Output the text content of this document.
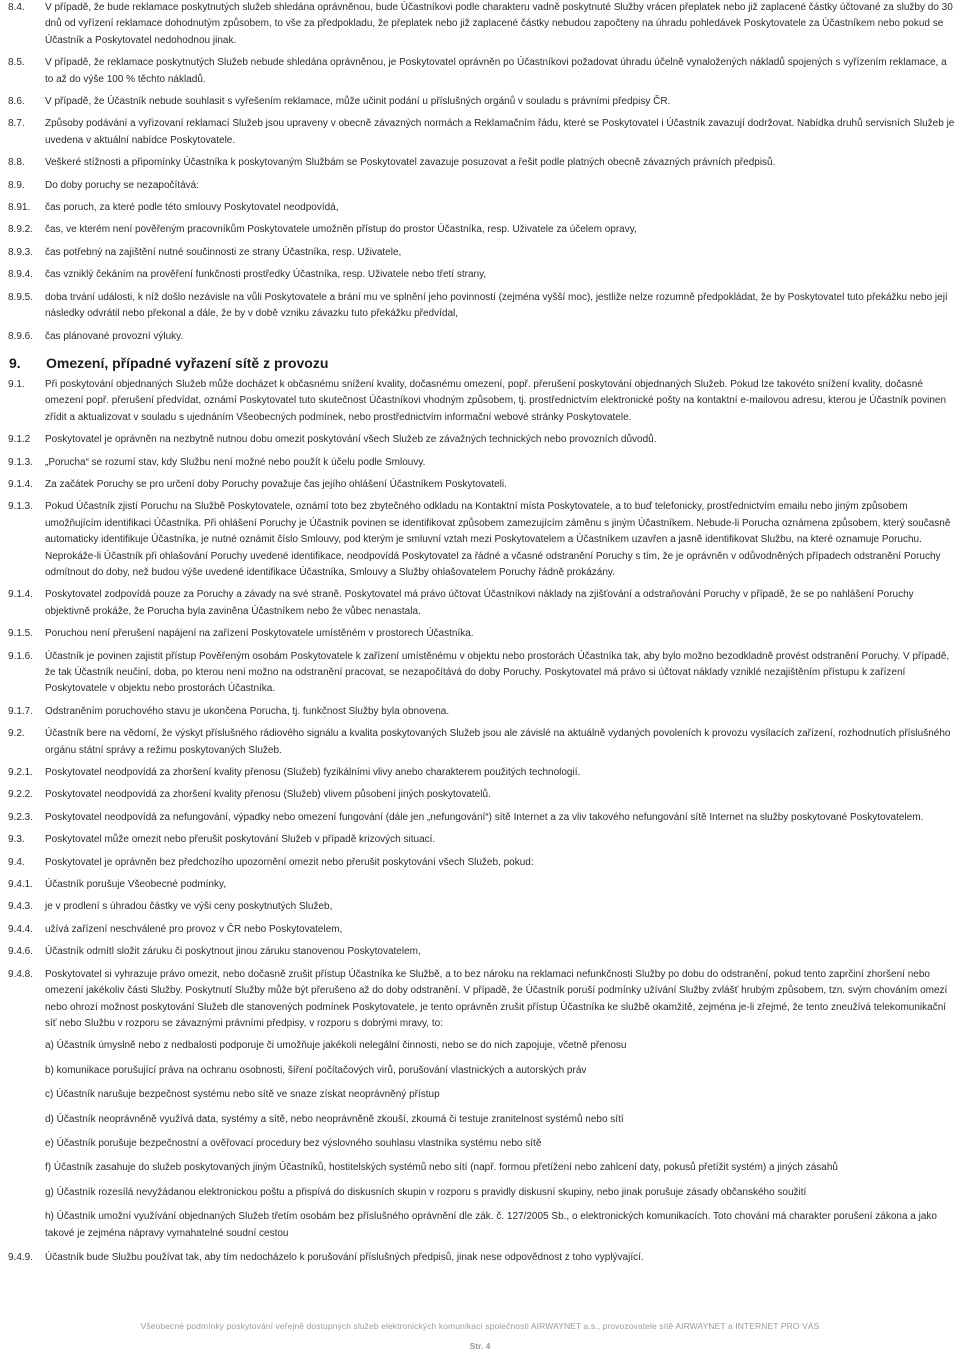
8.4.	V případě, že bude reklamace poskytnutých služeb shledána oprávněnou, bude Účastníkovi podle charakteru vadně poskytnuté Služby vrácen přeplatek nebo již zaplacené částky účtované za služby do 30 dnů od vyřízení reklamace dohodnutým způsobem, to vše za předpokladu, že přeplatek nebo již zaplacené částky nebudou započteny na úhradu pohledávek Poskytovatele za Účastníkem nebo pokud se Účastník a Poskytovatel nedohodnou jinak.
8.5.	V případě, že reklamace poskytnutých Služeb nebude shledána oprávněnou, je Poskytovatel oprávněn po Účastníkovi požadovat úhradu účelně vynaložených nákladů spojených s vyřízením reklamace, a to až do výše 100 % těchto nákladů.
8.6.	V případě, že Účastník nebude souhlasit s vyřešením reklamace, může učinit podání u příslušných orgánů v souladu s právními předpisy ČR.
8.7.	Způsoby podávání a vyřizovaní reklamací Služeb jsou upraveny v obecně závazných normách a Reklamačním řádu, které se Poskytovatel i Účastník zavazují dodržovat. Nabídka druhů servisních Služeb je uvedena v aktuální nabídce Poskytovatele.
8.8.	Veškeré stížnosti a připomínky Účastníka k poskytovaným Službám se Poskytovatel zavazuje posuzovat a řešit podle platných obecně závazných právních předpisů.
8.9.	Do doby poruchy se nezapočítává:
8.91.	čas poruch, za které podle této smlouvy Poskytovatel neodpovídá,
8.9.2.	čas, ve kterém není pověřeným pracovníkům Poskytovatele umožněn přístup do prostor Účastníka, resp. Uživatele za účelem opravy,
8.9.3.	čas potřebný na zajištění nutné součinnosti ze strany Účastníka, resp. Uživatele,
8.9.4.	čas vzniklý čekáním na prověření funkčnosti prostředky Účastníka, resp. Uživatele nebo třetí strany,
8.9.5.	doba trvání události, k níž došlo nezávisle na vůli Poskytovatele a brání mu ve splnění jeho povinností (zejména vyšší moc), jestliže nelze rozumně předpokládat, že by Poskytovatel tuto překážku nebo její následky odvrátil nebo překonal a dále, že by v době vzniku závazku tuto překážku předvídal,
8.9.6.	čas plánované provozní výluky.
9.	Omezení, případné vyřazení sítě z provozu
9.1.	Při poskytování objednaných Služeb může docházet k občasnému snížení kvality, dočasnému omezení, popř. přerušení poskytování objednaných Služeb. Pokud lze takovéto snížení kvality, dočasné omezení popř. přerušení předvídat, oznámí Poskytovatel tuto skutečnost Účastníkovi vhodným způsobem, tj. prostřednictvím elektronické pošty na kontaktní e-mailovou adresu, kterou je Účastník povinen zřídit a aktualizovat v souladu s ujednáním Všeobecných podmínek, nebo prostřednictvím informační webové stránky Poskytovatele.
9.1.2	Poskytovatel je oprávněn na nezbytně nutnou dobu omezit poskytování všech Služeb ze závažných technických nebo provozních důvodů.
9.1.3.	„Porucha“ se rozumí stav, kdy Službu není možné nebo použít k účelu podle Smlouvy.
9.1.4.	Za začátek Poruchy se pro určení doby Poruchy považuje čas jejího ohlášení Účastníkem Poskytovateli.
9.1.3.	Pokud Účastník zjistí Poruchu na Službě Poskytovatele, oznámí toto bez zbytečného odkladu na Kontaktní místa Poskytovatele, a to buď telefonicky, prostřednictvím emailu nebo jiným způsobem umožňujícím identifikaci Účastníka. Při ohlášení Poruchy je Účastník povinen se identifikovat způsobem zamezujícím záměnu s jiným Účastníkem. Nebude-li Porucha oznámena způsobem, který současně automaticky identifikuje Účastníka, je nutné oznámit číslo Smlouvy, pod kterým je smluvní vztah mezi Poskytovatelem a Účastníkem uzavřen a jasně identifikovat Službu, na které oznamuje Poruchu. Neprokáže-li Účastník při ohlašování Poruchy uvedené identifikace, neodpovídá Poskytovatel za řádné a včasné odstranění Poruchy s tím, že je oprávněn v odůvodněných případech odstranění Poruchy odmítnout do doby, než budou výše uvedené identifikace Účastníka, Smlouvy a Služby ohlašovatelem Poruchy řádně prokázány.
9.1.4.	Poskytovatel zodpovídá pouze za Poruchy a závady na své straně. Poskytovatel má právo účtovat Účastníkovi náklady na zjišťování a odstraňování Poruchy v případě, že se po nahlášení Poruchy objektivně prokáže, že Porucha byla zaviněna Účastníkem nebo že vůbec nenastala.
9.1.5.	Poruchou není přerušení napájení na zařízení Poskytovatele umístěném v prostorech Účastníka.
9.1.6.	Účastník je povinen zajistit přístup Pověřeným osobám Poskytovatele k zařízení umístěnému v objektu nebo prostorách Účastníka tak, aby bylo možno bezodkladně provést odstranění Poruchy. V případě, že tak Účastník neučiní, doba, po kterou není možno na odstranění pracovat, se nezapočítává do doby Poruchy. Poskytovatel má právo si účtovat náklady vzniklé nezajištěním přístupu k zařízení Poskytovatele v objektu nebo prostorách Účastníka.
9.1.7.	Odstraněním poruchového stavu je ukončena Porucha, tj. funkčnost Služby byla obnovena.
9.2.	Účastník bere na vědomí, že výskyt příslušného rádiového signálu a kvalita poskytovaných Služeb jsou ale závislé na aktuálně vydaných povoleních k provozu vysílacích zařízení, rozhodnutích příslušného orgánu státní správy a režimu poskytovaných Služeb.
9.2.1.	Poskytovatel neodpovídá za zhoršení kvality přenosu (Služeb) fyzikálními vlivy anebo charakterem použitých technologií.
9.2.2.	Poskytovatel neodpovídá za zhoršení kvality přenosu (Služeb) vlivem působení jiných poskytovatelů.
9.2.3.	Poskytovatel neodpovídá za nefungování, výpadky nebo omezení fungování (dále jen „nefungování“) sítě Internet a za vliv takového nefungování sítě Internet na služby poskytované Poskytovatelem.
9.3.	Poskytovatel může omezit nebo přerušit poskytování Služeb v případě krizových situací.
9.4.	Poskytovatel je oprávněn bez předchozího upozornění omezit nebo přerušit poskytování všech Služeb, pokud:
9.4.1.	Účastník porušuje Všeobecné podmínky,
9.4.3.	je v prodlení s úhradou částky ve výši ceny poskytnutých Služeb,
9.4.4.	užívá zařízení neschválené pro provoz v ČR nebo Poskytovatelem,
9.4.6.	Účastník odmítl složit záruku či poskytnout jinou záruku stanovenou Poskytovatelem,
9.4.8.	Poskytovatel si vyhrazuje právo omezit, nebo dočasně zrušit přístup Účastníka ke Službě, a to bez nároku na reklamaci nefunkčnosti Služby po dobu do odstranění, pokud tento zaprčiní zhoršení nebo omezení jakékoliv části Služby. Poskytnutí Služby může být přerušeno až do doby odstranění. V případě, že Účastník poruší podmínky užívání Služby zvlášť hrubým způsobem, tzn. svým chováním omezí nebo ohrozí možnost poskytování Služeb dle stanovených podmínek Poskytovatele, je tento oprávněn zrušit přístup Účastníka ke službě okamžitě, zejména je-li zřejmé, že tento zneužívá telekomunikační síť nebo Službu v rozporu se závaznými právními předpisy, v rozporu s dobrými mravy, to:
a) Účastník úmyslně nebo z nedbalosti podporuje či umožňuje jakékoli nelegální činnosti, nebo se do nich zapojuje, včetně přenosu
b) komunikace porušující práva na ochranu osobnosti, šíření počítačových virů, porušování vlastnických a autorských práv
c) Účastník narušuje bezpečnost systému nebo sítě ve snaze získat neoprávněný přístup
d) Účastník neoprávněně využívá data, systémy a sítě, nebo neoprávněně zkouší, zkoumá či testuje zranitelnost systémů nebo sítí
e) Účastník porušuje bezpečnostní a ověřovací procedury bez výslovného souhlasu vlastníka systému nebo sítě
f) Účastník zasahuje do služeb poskytovaných jiným Účastníků, hostitelských systémů nebo sítí (např. formou přetížení nebo zahlcení daty, pokusů přetížit systém) a jiných zásahů
g) Účastník rozesílá nevyžádanou elektronickou poštu a přispívá do diskusních skupin v rozporu s pravidly diskusní skupiny, nebo jinak porušuje zásady občanského soužití
h) Účastník umožní využívání objednaných Služeb třetím osobám bez příslušného oprávnění dle zák. č. 127/2005 Sb., o elektronických komunikacích. Toto chování má charakter porušení zákona a jako takové je zejména nápravy vymahatelné soudní cestou
9.4.9.	Účastník bude Službu používat tak, aby tím nedocházelo k porušování příslušných předpisů, jinak nese odpovědnost z toho vyplývající.
Všeobecné podmínky poskytování veřejně dostupných služeb elektronických komunikací společnosti AIRWAYNET a.s., provozovatele sítě AIRWAYNET a INTERNET PRO VÁS
Str. 4
